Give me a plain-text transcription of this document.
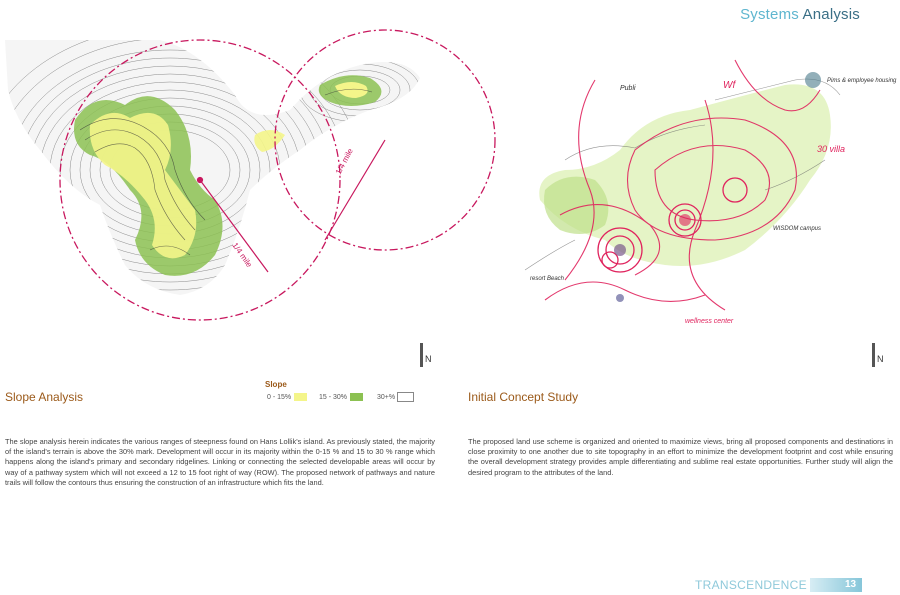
Systems Analysis
1/4 mile
1/4 mile
Publi	Wf	Pims & employee housing
30 villa
WISDOM campus
resort Beach
wellness center
N	N
Slope Analysis
Slope
0 - 15%	15 - 30%	30+%
The slope analysis herein indicates the various ranges of steepness found on Hans Lollik's island. As previously stated, the majority of the island's terrain is above the 30% mark. Development will occur in its majority within the 0-15 % and 15 to 30 % range which happens along the island's primary and secondary ridgelines. Linking or connecting the selected developable areas will occur by way of a pathway system which will not exceed a 12 to 15 foot right of way (ROW). The proposed network of pathways and nature trails will follow the contours thus ensuring the construction of an infrastructure which fits the land.
Initial Concept Study
The proposed land use scheme is organized and oriented to maximize views, bring all proposed components and destinations in close proximity to one another due to site topography in an effort to minimize the development footprint and cost while ensuring the overall development strategy provides ample differentiating and sublime real estate opportunities. Further study will align the desired program to the attributes of the land.
TRANSCENDENCE	13
